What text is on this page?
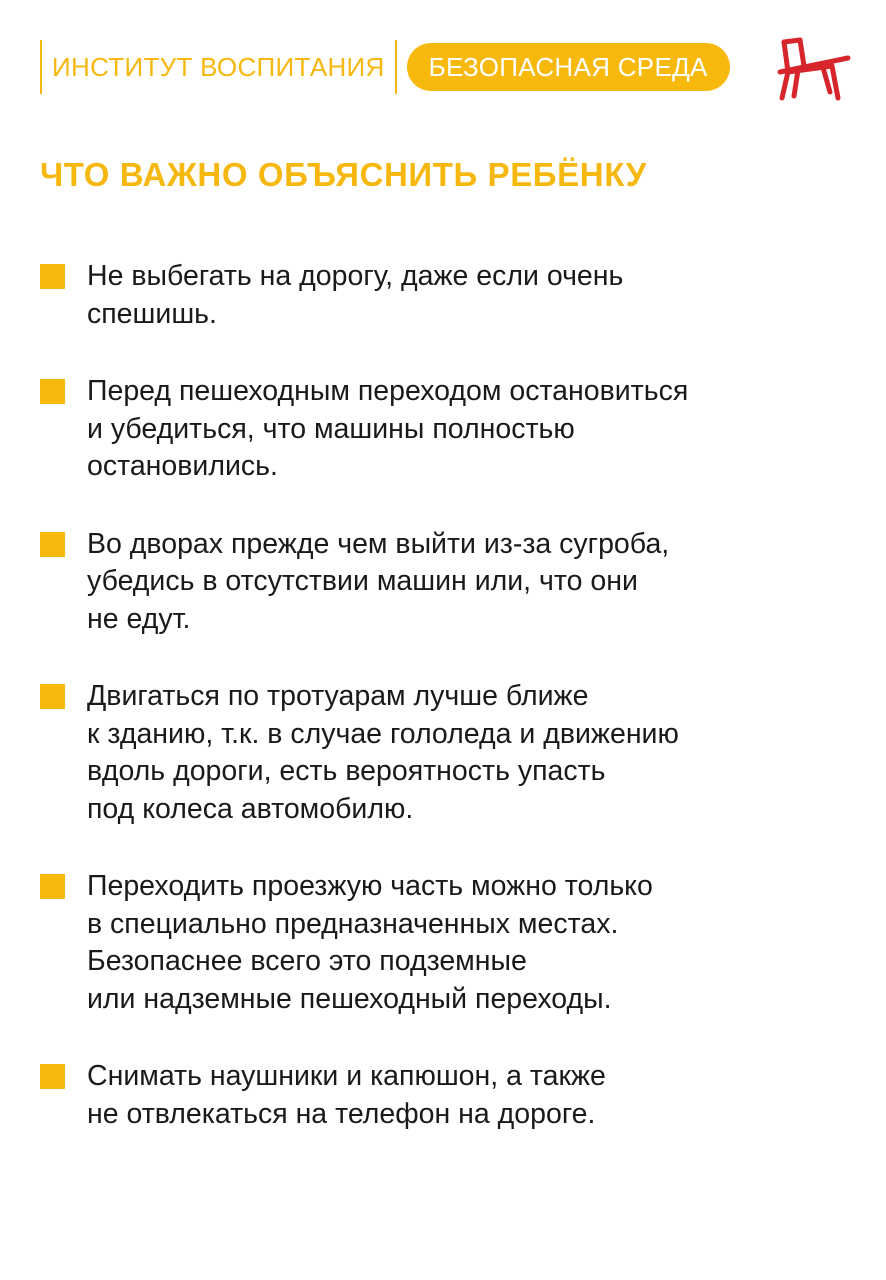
ИНСТИТУТ ВОСПИТАНИЯ	БЕЗОПАСНАЯ СРЕДА
ЧТО ВАЖНО ОБЪЯСНИТЬ РЕБЁНКУ
Не выбегать на дорогу, даже если очень
спешишь.
Перед пешеходным переходом остановиться
и убедиться, что машины полностью
остановились.
Во дворах прежде чем выйти из-за сугроба,
убедись в отсутствии машин или, что они
не едут.
Двигаться по тротуарам лучше ближе
к зданию, т.к. в случае гололеда и движению
вдоль дороги, есть вероятность упасть
под колеса автомобилю.
Переходить проезжую часть можно только
в специально предназначенных местах.
Безопаснее всего это подземные
или надземные пешеходный переходы.
Снимать наушники и капюшон, а также
не отвлекаться на телефон на дороге.
